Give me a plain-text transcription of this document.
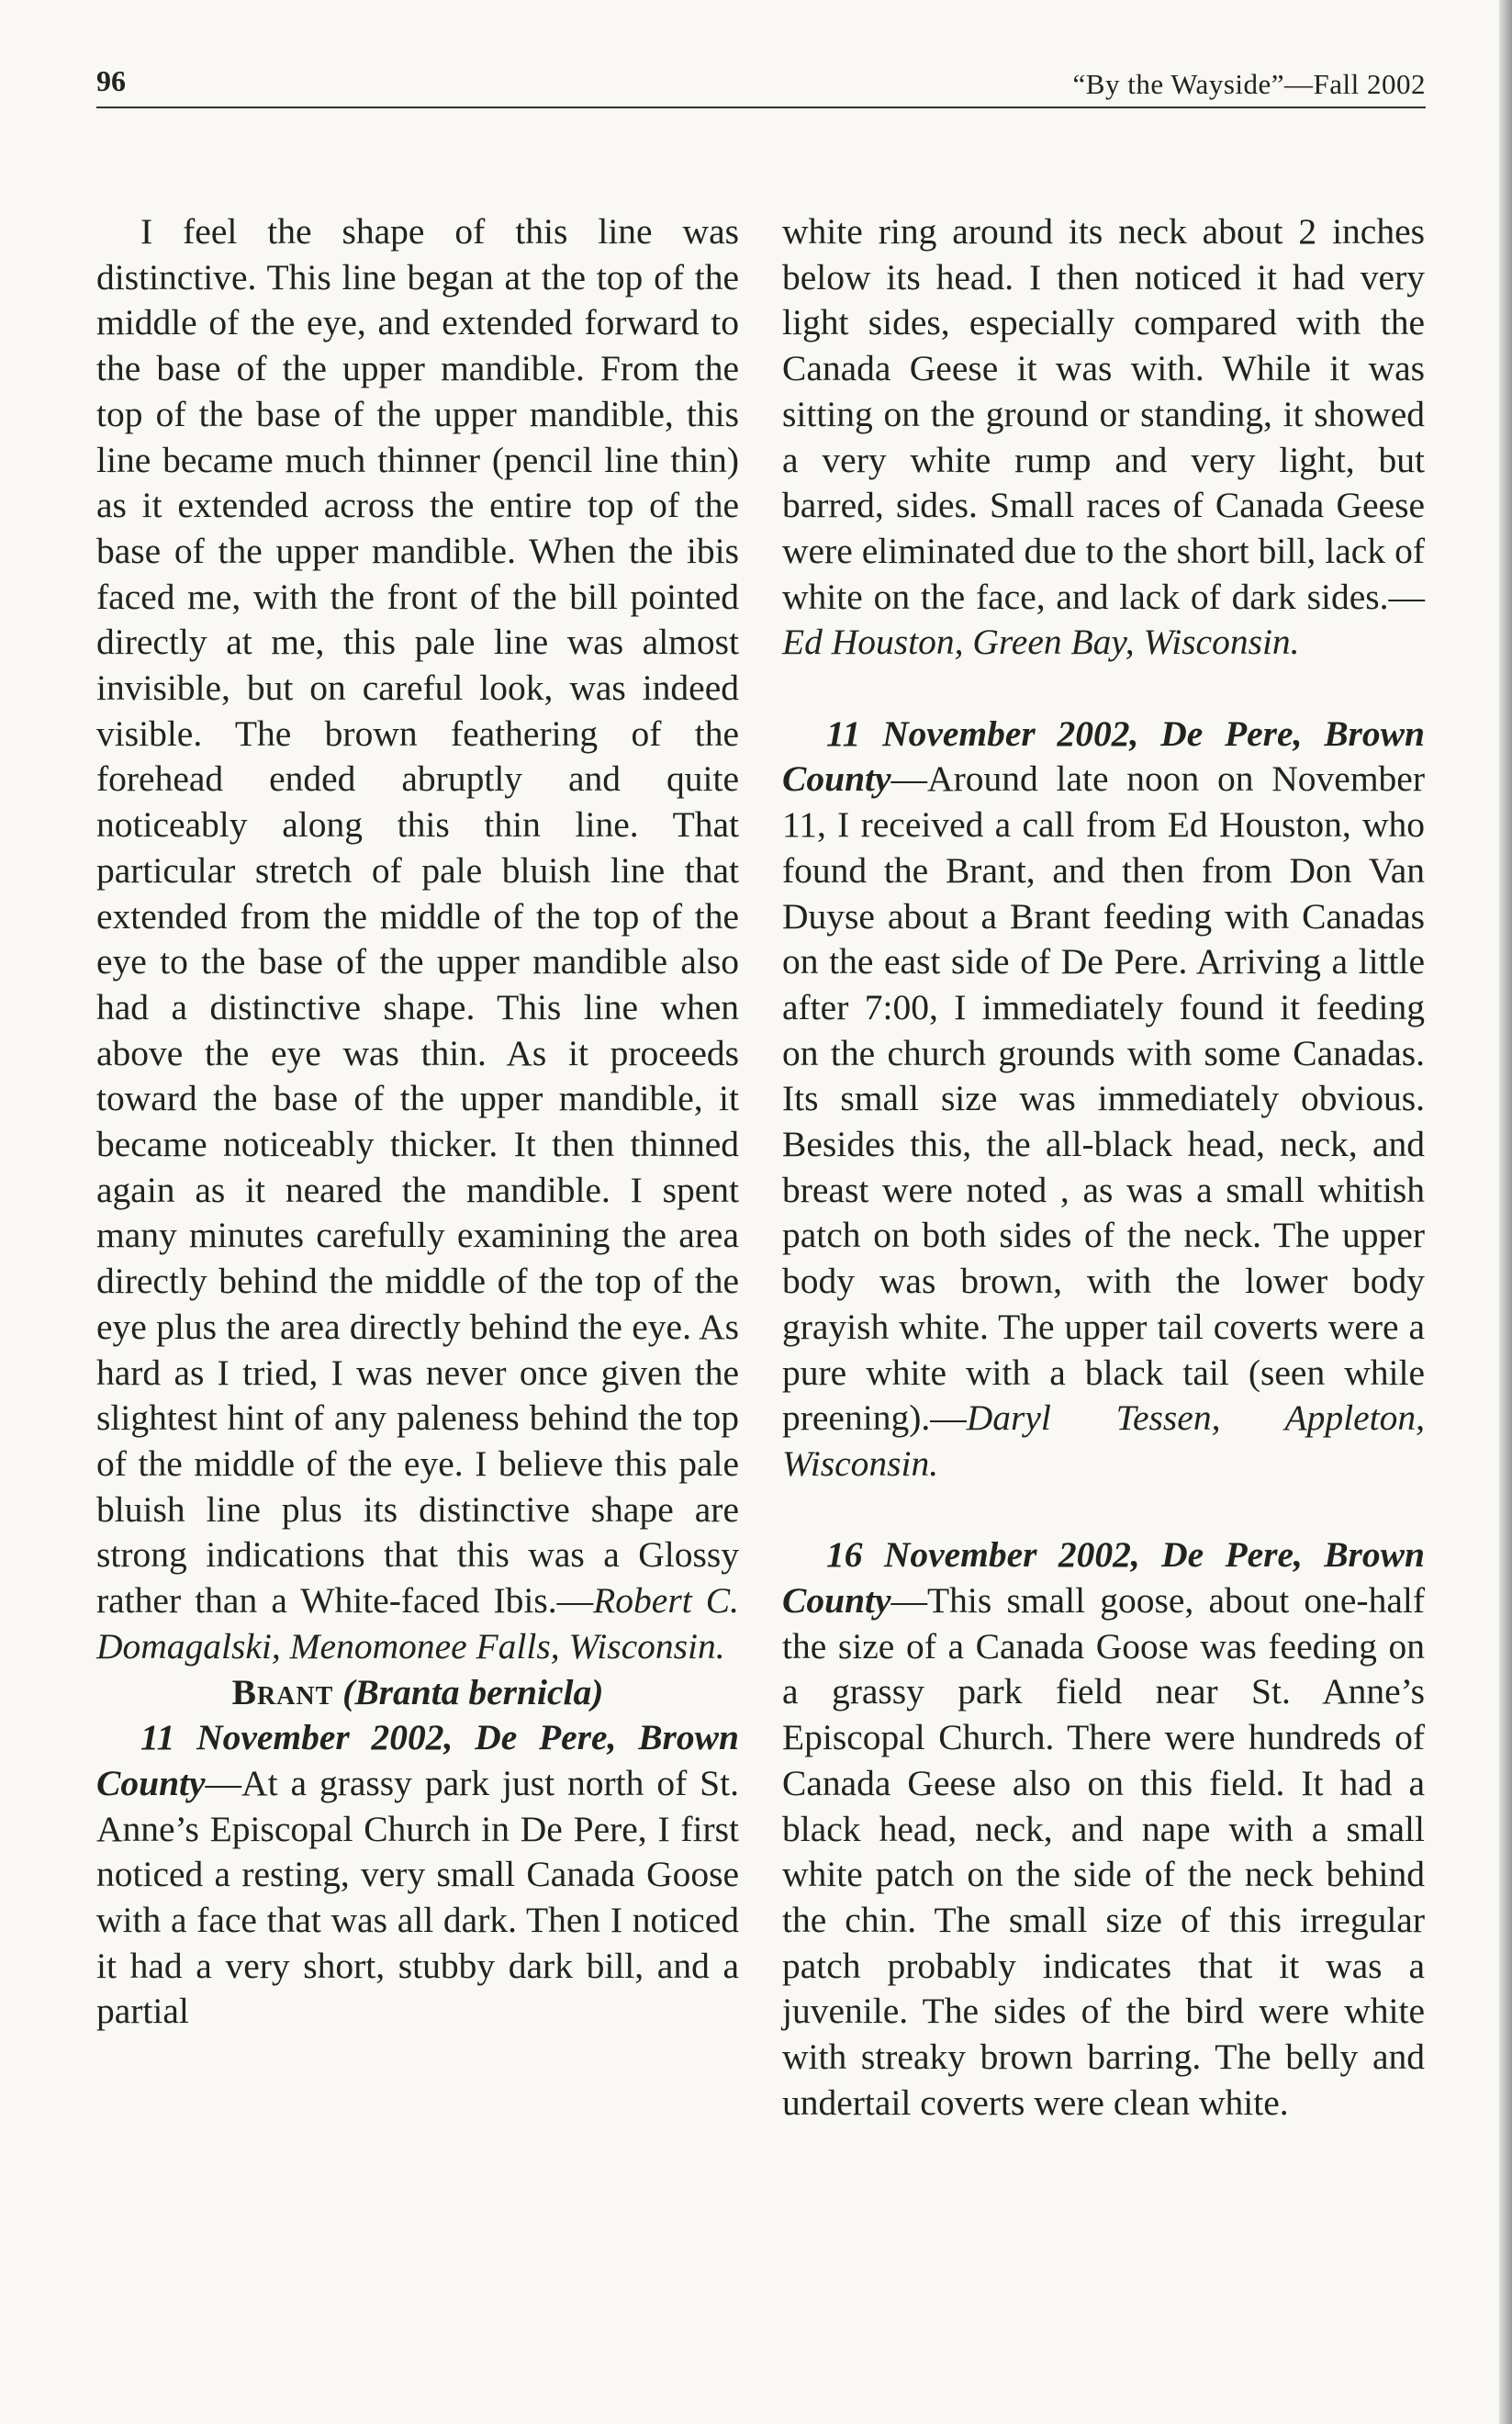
96	“By the Wayside”—Fall 2002

I feel the shape of this line was distinctive. This line began at the top of the middle of the eye, and extended forward to the base of the upper mandible. From the top of the base of the upper mandible, this line became much thinner (pencil line thin) as it extended across the entire top of the base of the upper mandible. When the ibis faced me, with the front of the bill pointed directly at me, this pale line was almost invisible, but on careful look, was indeed visible. The brown feathering of the forehead ended abruptly and quite noticeably along this thin line. That particular stretch of pale bluish line that extended from the middle of the top of the eye to the base of the upper mandible also had a distinctive shape. This line when above the eye was thin. As it proceeds toward the base of the upper mandible, it became noticeably thicker. It then thinned again as it neared the mandible. I spent many minutes carefully examining the area directly behind the middle of the top of the eye plus the area directly behind the eye. As hard as I tried, I was never once given the slightest hint of any paleness behind the top of the middle of the eye. I believe this pale bluish line plus its distinctive shape are strong indications that this was a Glossy rather than a White-faced Ibis.—Robert C. Domagalski, Menomonee Falls, Wisconsin.

Brant (Branta bernicla)

11 November 2002, De Pere, Brown County—At a grassy park just north of St. Anne’s Episcopal Church in De Pere, I first noticed a resting, very small Canada Goose with a face that was all dark. Then I noticed it had a very short, stubby dark bill, and a partial

white ring around its neck about 2 inches below its head. I then noticed it had very light sides, especially compared with the Canada Geese it was with. While it was sitting on the ground or standing, it showed a very white rump and very light, but barred, sides. Small races of Canada Geese were eliminated due to the short bill, lack of white on the face, and lack of dark sides.—Ed Houston, Green Bay, Wisconsin.

11 November 2002, De Pere, Brown County—Around late noon on November 11, I received a call from Ed Houston, who found the Brant, and then from Don Van Duyse about a Brant feeding with Canadas on the east side of De Pere. Arriving a little after 7:00, I immediately found it feeding on the church grounds with some Canadas. Its small size was immediately obvious. Besides this, the all-black head, neck, and breast were noted , as was a small whitish patch on both sides of the neck. The upper body was brown, with the lower body grayish white. The upper tail coverts were a pure white with a black tail (seen while preening).—Daryl Tessen, Appleton, Wisconsin.

16 November 2002, De Pere, Brown County—This small goose, about one-half the size of a Canada Goose was feeding on a grassy park field near St. Anne’s Episcopal Church. There were hundreds of Canada Geese also on this field. It had a black head, neck, and nape with a small white patch on the side of the neck behind the chin. The small size of this irregular patch probably indicates that it was a juvenile. The sides of the bird were white with streaky brown barring. The belly and undertail coverts were clean white.
